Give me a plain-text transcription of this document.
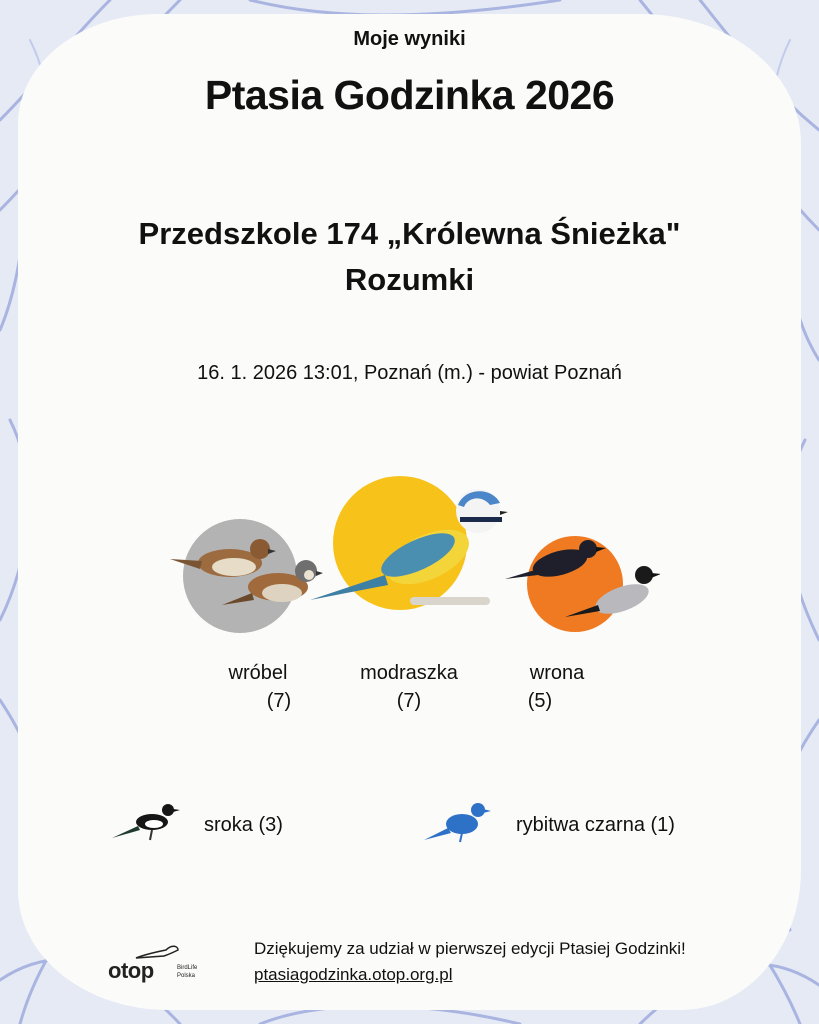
Moje wyniki
Ptasia Godzinka 2026
Przedszkole 174 „Królewna Śnieżka"
Rozumki
16. 1. 2026 13:01, Poznań (m.) - powiat Poznań
wróbel
(7)
modraszka
(7)
wrona
(5)
sroka (3)	rybitwa czarna (1)
otop	BirdLife
Polska
Dziękujemy za udział w pierwszej edycji Ptasiej Godzinki!
ptasiagodzinka.otop.org.pl
